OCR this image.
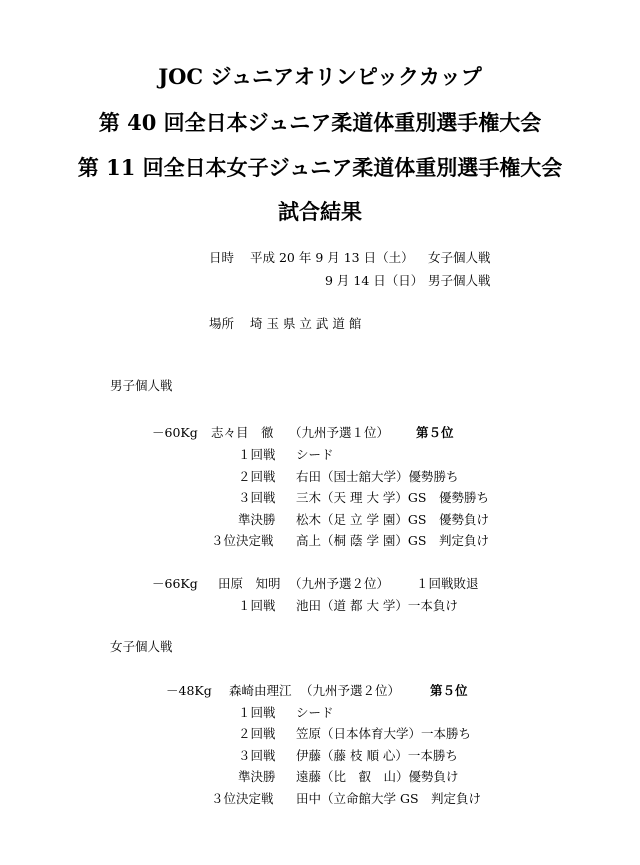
JOC ジュニアオリンピックカップ
第 40 回全日本ジュニア柔道体重別選手権大会
第 11 回全日本女子ジュニア柔道体重別選手権大会
試合結果
日時 平成 20 年 9 月 13 日（土） 女子個人戦
9 月 14 日（日） 男子個人戦
場所 埼 玉 県 立 武 道 館
男子個人戦
－60Kg 志々目　徹 （九州予選１位） 第５位
１回戦 シード
２回戦 右田（国士舘大学）優勢勝ち
３回戦 三木（天 理 大 学）GS　優勢勝ち
準決勝 松木（足 立 学 園）GS　優勢負け
３位決定戦 高上（桐 蔭 学 園）GS　判定負け
－66Kg 田原　知明 （九州予選２位） １回戦敗退
１回戦 池田（道 都 大 学）一本負け
女子個人戦
－48Kg 森崎由理江 （九州予選２位） 第５位
１回戦 シード
２回戦 笠原（日本体育大学）一本勝ち
３回戦 伊藤（藤 枝 順 心）一本勝ち
準決勝 遠藤（比　叡　山）優勢負け
３位決定戦 田中（立命館大学 GS　判定負け
